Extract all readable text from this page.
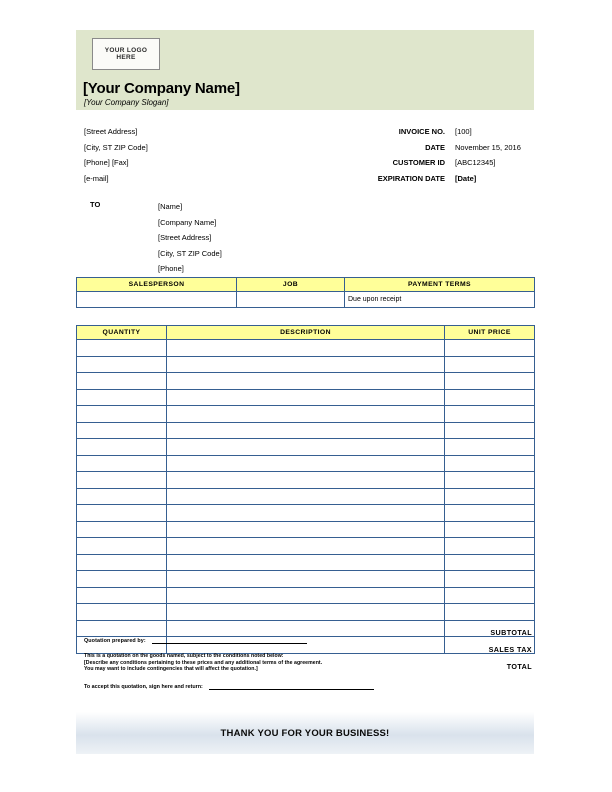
YOUR LOGO
HERE
[Your Company Name]
[Your Company Slogan]
[Street Address]
[City, ST ZIP Code]
[Phone] [Fax]
[e-mail]
INVOICE NO.	[100]
DATE	November 15, 2016
CUSTOMER ID	[ABC12345]
EXPIRATION DATE	[Date]
TO	[Name]
[Company Name]
[Street Address]
[City, ST ZIP Code]
[Phone]
SALESPERSON	JOB	PAYMENT TERMS
		Due upon receipt
QUANTITY	DESCRIPTION	UNIT PRICE

SUBTOTAL
SALES TAX
TOTAL
Quotation prepared by:
This is a quotation on the goods named, subject to the conditions noted below:
[Describe any conditions pertaining to these prices and any additional terms of the agreement.
You may want to include contingencies that will affect the quotation.]
To accept this quotation, sign here and return:
THANK YOU FOR YOUR BUSINESS!
